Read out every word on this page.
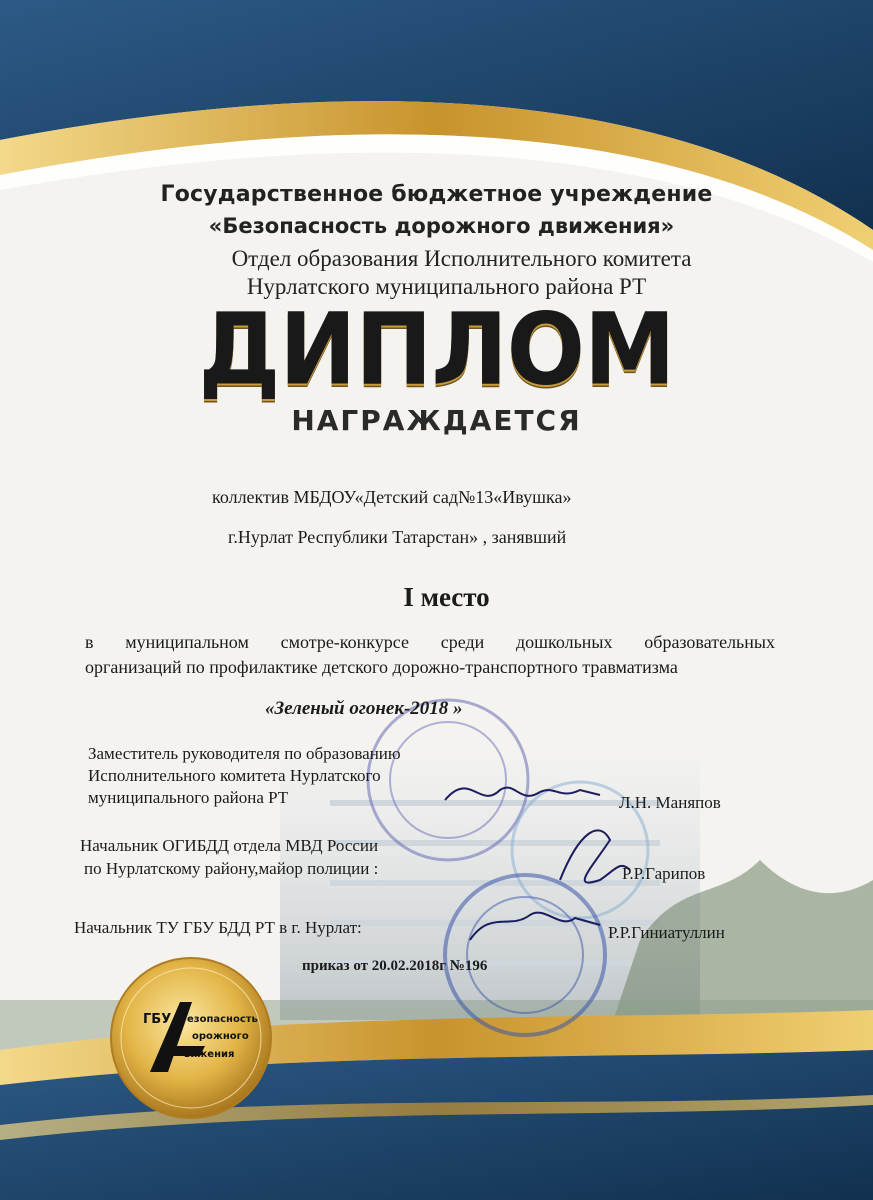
Государственное бюджетное учреждение
«Безопасность дорожного движения»
Отдел образования Исполнительного комитета
Нурлатского муниципального района РТ
ДИПЛОМ
НАГРАЖДАЕТСЯ
коллектив МБДОУ«Детский сад№13«Ивушка»
г.Нурлат Республики Татарстан» , занявший
I место
в муниципальном смотре-конкурсе среди дошкольных образовательных
организаций по профилактике детского дорожно-транспортного травматизма
«Зеленый огонек-2018 »
Заместитель руководителя по образованию
Исполнительного комитета Нурлатского
муниципального района РТ	Л.Н. Маняпов
Начальник ОГИБДД отдела МВД России
по Нурлатскому району,майор полиции :	Р.Р.Гарипов
Начальник ТУ ГБУ БДД РТ в г. Нурлат:	Р.Р.Гиниатуллин
приказ от 20.02.2018г №196
ГБУ езопасность
орожного
вижения
